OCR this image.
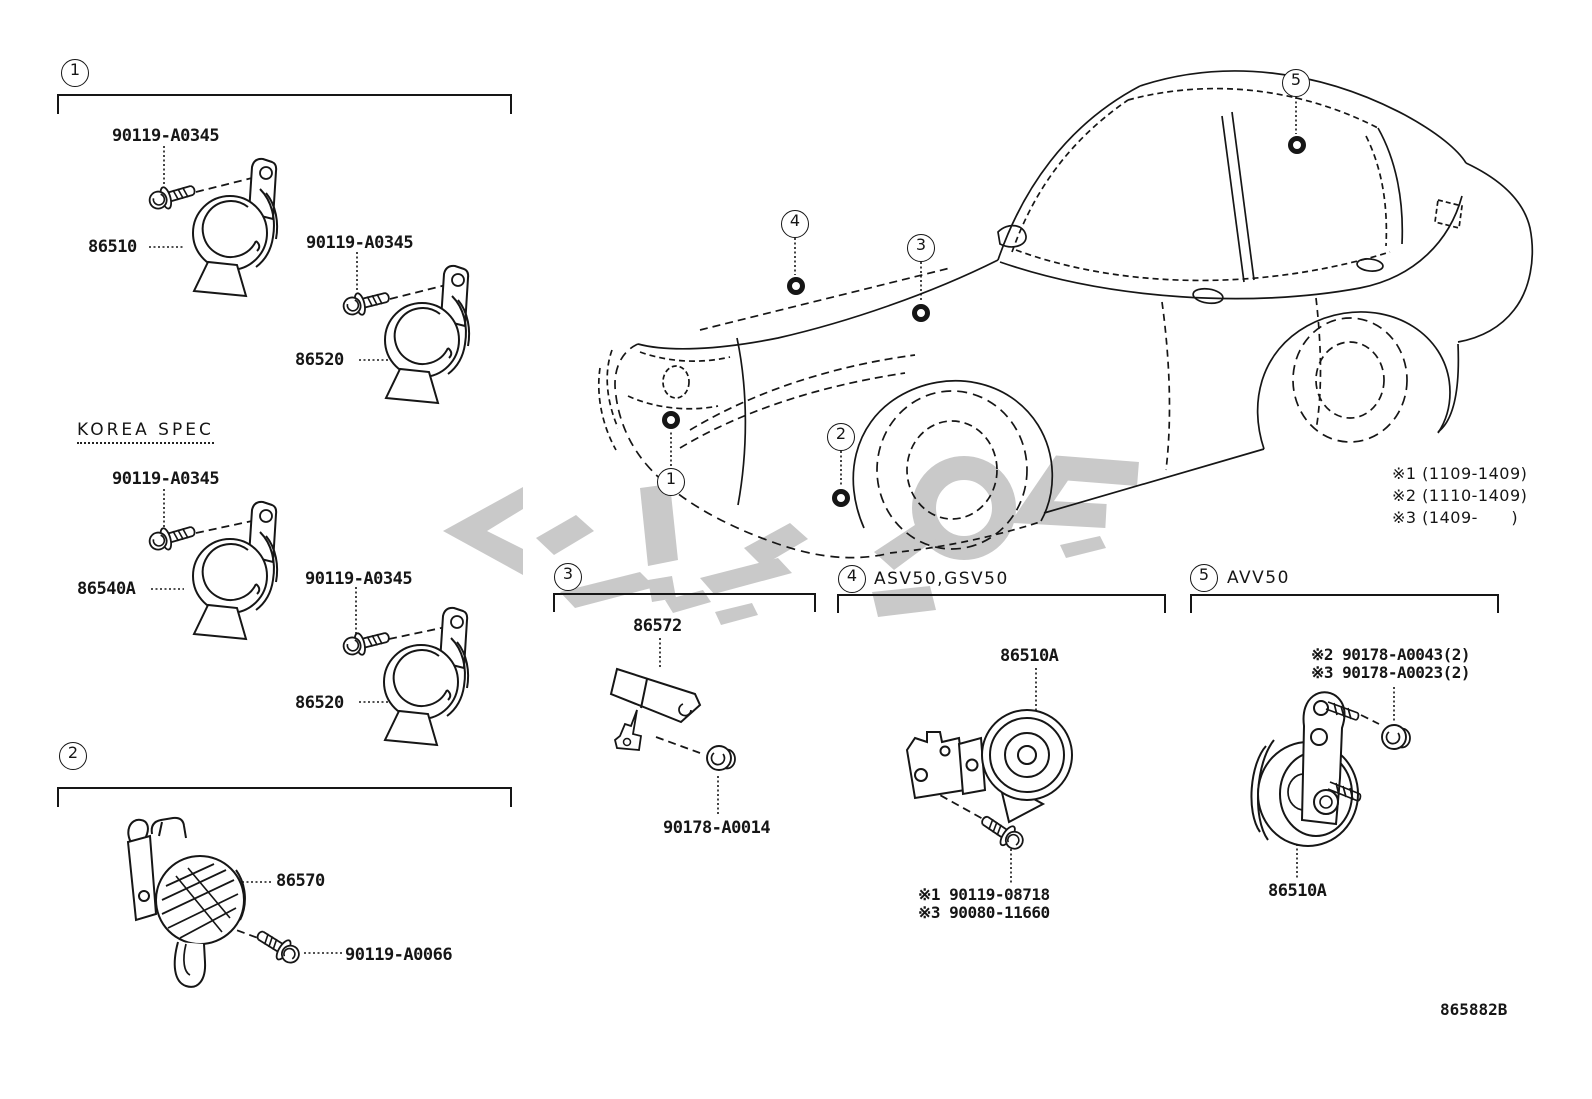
1
2
3	4	5
1
2
3
4
5
90119-A0345
86510	90119-A0345
86520
KOREA SPEC
90119-A0345
86540A	90119-A0345
86520
86570
90119-A0066
86572
90178-A0014
ASV50,GSV50
86510A
※1 90119-08718
※3 90080-11660
AVV50
※2 90178-A0043(2)
※3 90178-A0023(2)
86510A
※1 (1109-1409)
※2 (1110-1409)
※3 (1409-      )
865882B
